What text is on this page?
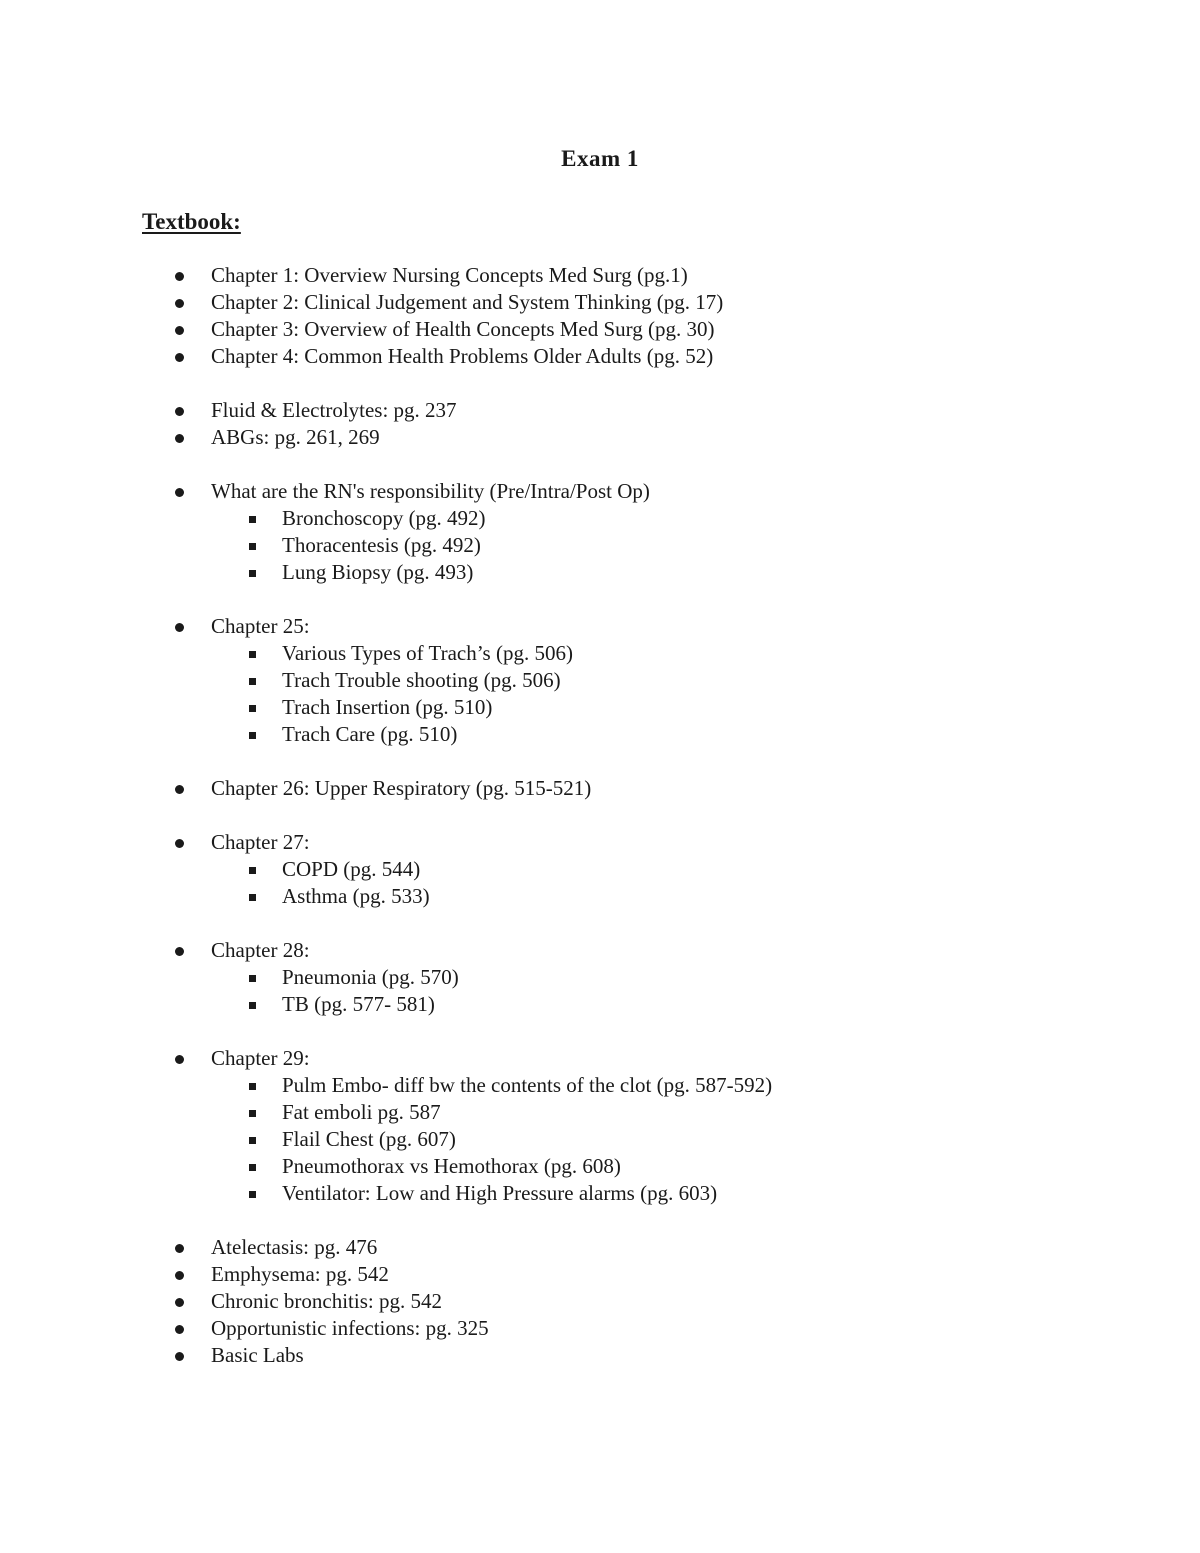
Exam 1
Textbook:
Chapter 1: Overview Nursing Concepts Med Surg (pg.1)
Chapter 2: Clinical Judgement and System Thinking (pg. 17)
Chapter 3: Overview of Health Concepts Med Surg (pg. 30)
Chapter 4: Common Health Problems Older Adults (pg. 52)
Fluid & Electrolytes: pg. 237
ABGs: pg. 261, 269
What are the RN's responsibility (Pre/Intra/Post Op)
Bronchoscopy (pg. 492)
Thoracentesis (pg. 492)
Lung Biopsy (pg. 493)
Chapter 25:
Various Types of Trach’s (pg. 506)
Trach Trouble shooting (pg. 506)
Trach Insertion (pg. 510)
Trach Care (pg. 510)
Chapter 26: Upper Respiratory (pg. 515-521)
Chapter 27:
COPD (pg. 544)
Asthma (pg. 533)
Chapter 28:
Pneumonia (pg. 570)
TB (pg. 577- 581)
Chapter 29:
Pulm Embo- diff bw the contents of the clot (pg. 587-592)
Fat emboli pg. 587
Flail Chest (pg. 607)
Pneumothorax vs Hemothorax (pg. 608)
Ventilator: Low and High Pressure alarms (pg. 603)
Atelectasis: pg. 476
Emphysema: pg. 542
Chronic bronchitis: pg. 542
Opportunistic infections: pg. 325
Basic Labs
